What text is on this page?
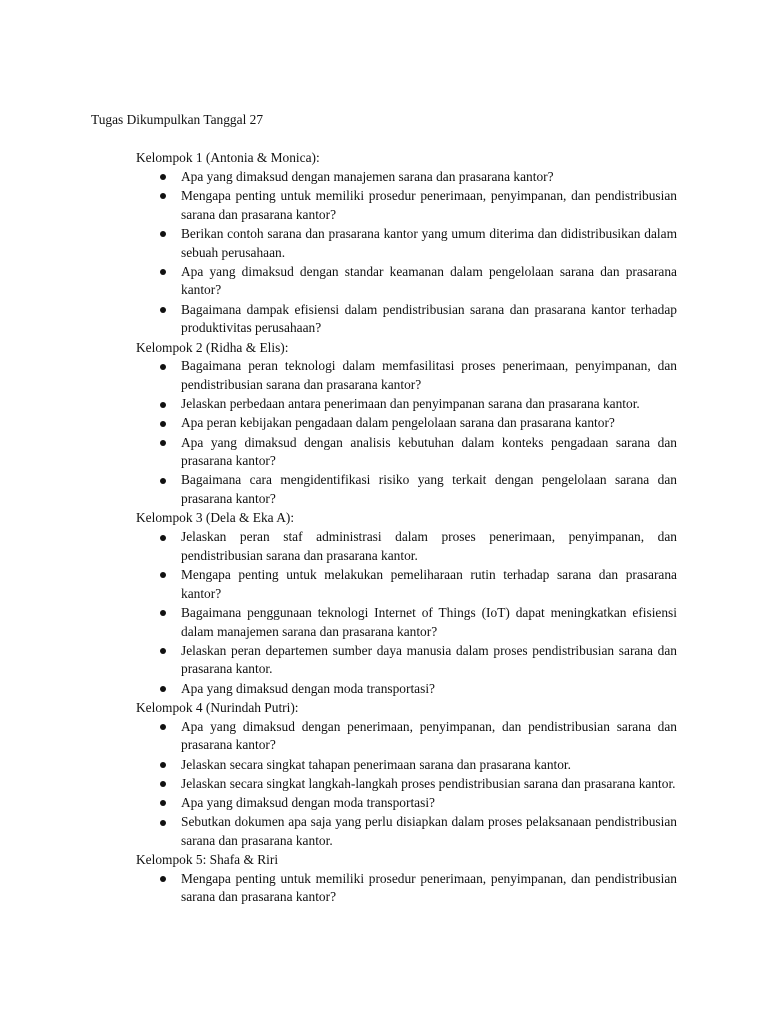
Tugas Dikumpulkan Tanggal 27
Kelompok 1 (Antonia & Monica):
Apa yang dimaksud dengan manajemen sarana dan prasarana kantor?
Mengapa penting untuk memiliki prosedur penerimaan, penyimpanan, dan pendistribusian sarana dan prasarana kantor?
Berikan contoh sarana dan prasarana kantor yang umum diterima dan didistribusikan dalam sebuah perusahaan.
Apa yang dimaksud dengan standar keamanan dalam pengelolaan sarana dan prasarana kantor?
Bagaimana dampak efisiensi dalam pendistribusian sarana dan prasarana kantor terhadap produktivitas perusahaan?
Kelompok 2 (Ridha & Elis):
Bagaimana peran teknologi dalam memfasilitasi proses penerimaan, penyimpanan, dan pendistribusian sarana dan prasarana kantor?
Jelaskan perbedaan antara penerimaan dan penyimpanan sarana dan prasarana kantor.
Apa peran kebijakan pengadaan dalam pengelolaan sarana dan prasarana kantor?
Apa yang dimaksud dengan analisis kebutuhan dalam konteks pengadaan sarana dan prasarana kantor?
Bagaimana cara mengidentifikasi risiko yang terkait dengan pengelolaan sarana dan prasarana kantor?
Kelompok 3 (Dela & Eka A):
Jelaskan peran staf administrasi dalam proses penerimaan, penyimpanan, dan pendistribusian sarana dan prasarana kantor.
Mengapa penting untuk melakukan pemeliharaan rutin terhadap sarana dan prasarana kantor?
Bagaimana penggunaan teknologi Internet of Things (IoT) dapat meningkatkan efisiensi dalam manajemen sarana dan prasarana kantor?
Jelaskan peran departemen sumber daya manusia dalam proses pendistribusian sarana dan prasarana kantor.
Apa yang dimaksud dengan moda transportasi?
Kelompok 4 (Nurindah Putri):
Apa yang dimaksud dengan penerimaan, penyimpanan, dan pendistribusian sarana dan prasarana kantor?
Jelaskan secara singkat tahapan penerimaan sarana dan prasarana kantor.
Jelaskan secara singkat langkah-langkah proses pendistribusian sarana dan prasarana kantor.
Apa yang dimaksud dengan moda transportasi?
Sebutkan dokumen apa saja yang perlu disiapkan dalam proses pelaksanaan pendistribusian sarana dan prasarana kantor.
Kelompok 5: Shafa & Riri
Mengapa penting untuk memiliki prosedur penerimaan, penyimpanan, dan pendistribusian sarana dan prasarana kantor?
